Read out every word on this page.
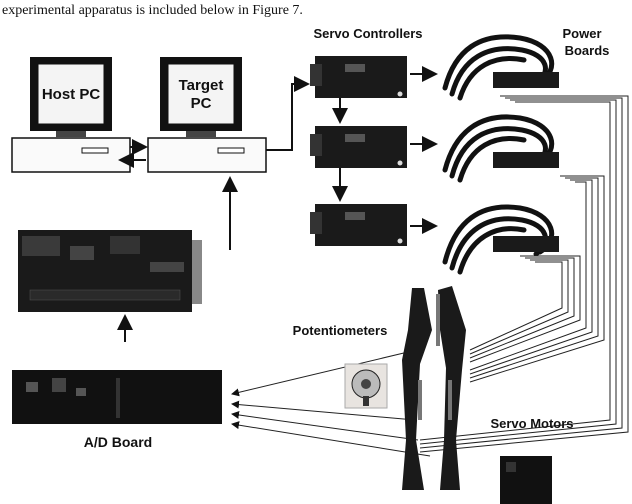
experimental apparatus is included below in Figure 7.
Host PC
Target
PC
Servo Controllers	Power
Boards
A/D Board
Potentiometers
Servo Motors
